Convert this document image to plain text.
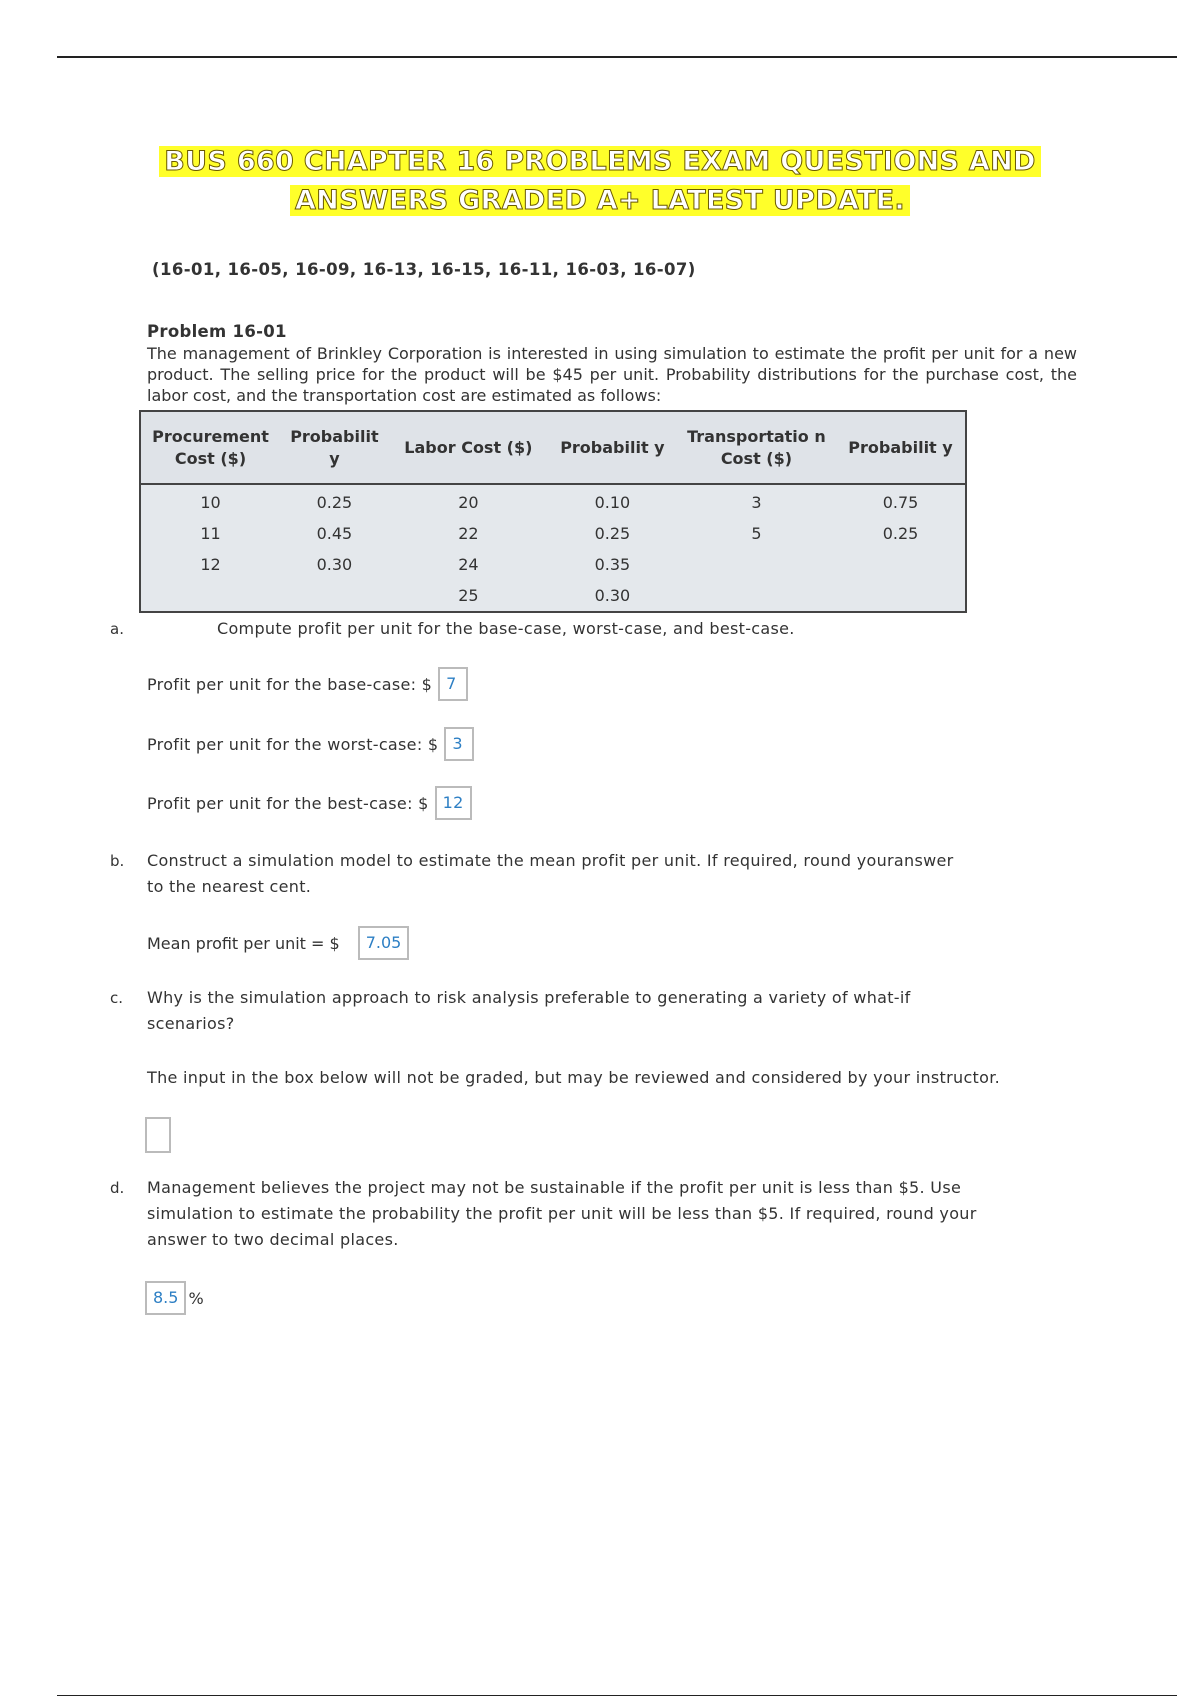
BUS 660 CHAPTER 16 PROBLEMS EXAM QUESTIONS AND
ANSWERS GRADED A+ LATEST UPDATE.
(16-01, 16-05, 16-09, 16-13, 16-15, 16-11, 16-03, 16-07)
Problem 16-01
The management of Brinkley Corporation is interested in using simulation to estimate the profit per unit for a new product. The selling price for the product will be $45 per unit. Probability distributions for the purchase cost, the labor cost, and the transportation cost are estimated as follows:
Procurement Cost ($)	Probabilit y	Labor Cost ($)	Probabilit y	Transportatio n Cost ($)	Probabilit y
10	0.25	20	0.10	3	0.75
11	0.45	22	0.25	5	0.25
12	0.30	24	0.35		
		25	0.30		
a.	Compute profit per unit for the base-case, worst-case, and best-case.
Profit per unit for the base-case: $ 7
Profit per unit for the worst-case: $ 3
Profit per unit for the best-case: $ 12
b. Construct a simulation model to estimate the mean profit per unit. If required, round youranswer
to the nearest cent.
Mean profit per unit = $	7.05
c. Why is the simulation approach to risk analysis preferable to generating a variety of what-if
scenarios?
The input in the box below will not be graded, but may be reviewed and considered by your instructor.
d. Management believes the project may not be sustainable if the profit per unit is less than $5. Use
simulation to estimate the probability the profit per unit will be less than $5. If required, round your
answer to two decimal places.
8.5 %
